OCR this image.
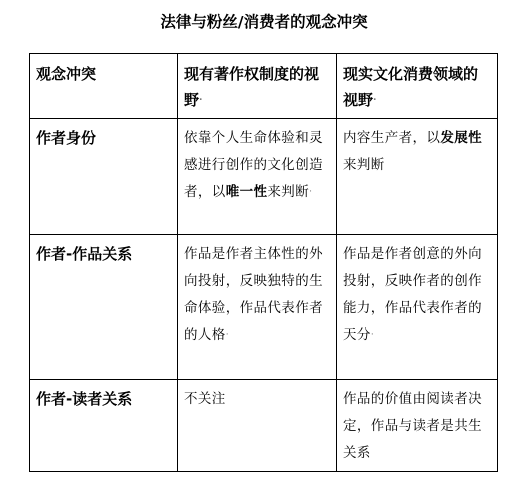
法律与粉丝/消费者的观念冲突
观念冲突	现有著作权制度的视野·	现实文化消费领域的视野·
作者身份	依靠个人生命体验和灵感进行创作的文化创造者，以唯一性来判断·	内容生产者，以发展性来判断
作者-作品关系	作品是作者主体性的外向投射，反映独特的生命体验，作品代表作者的人格·	作品是作者创意的外向投射，反映作者的创作能力，作品代表作者的天分·
作者-读者关系	不关注	作品的价值由阅读者决定，作品与读者是共生关系
